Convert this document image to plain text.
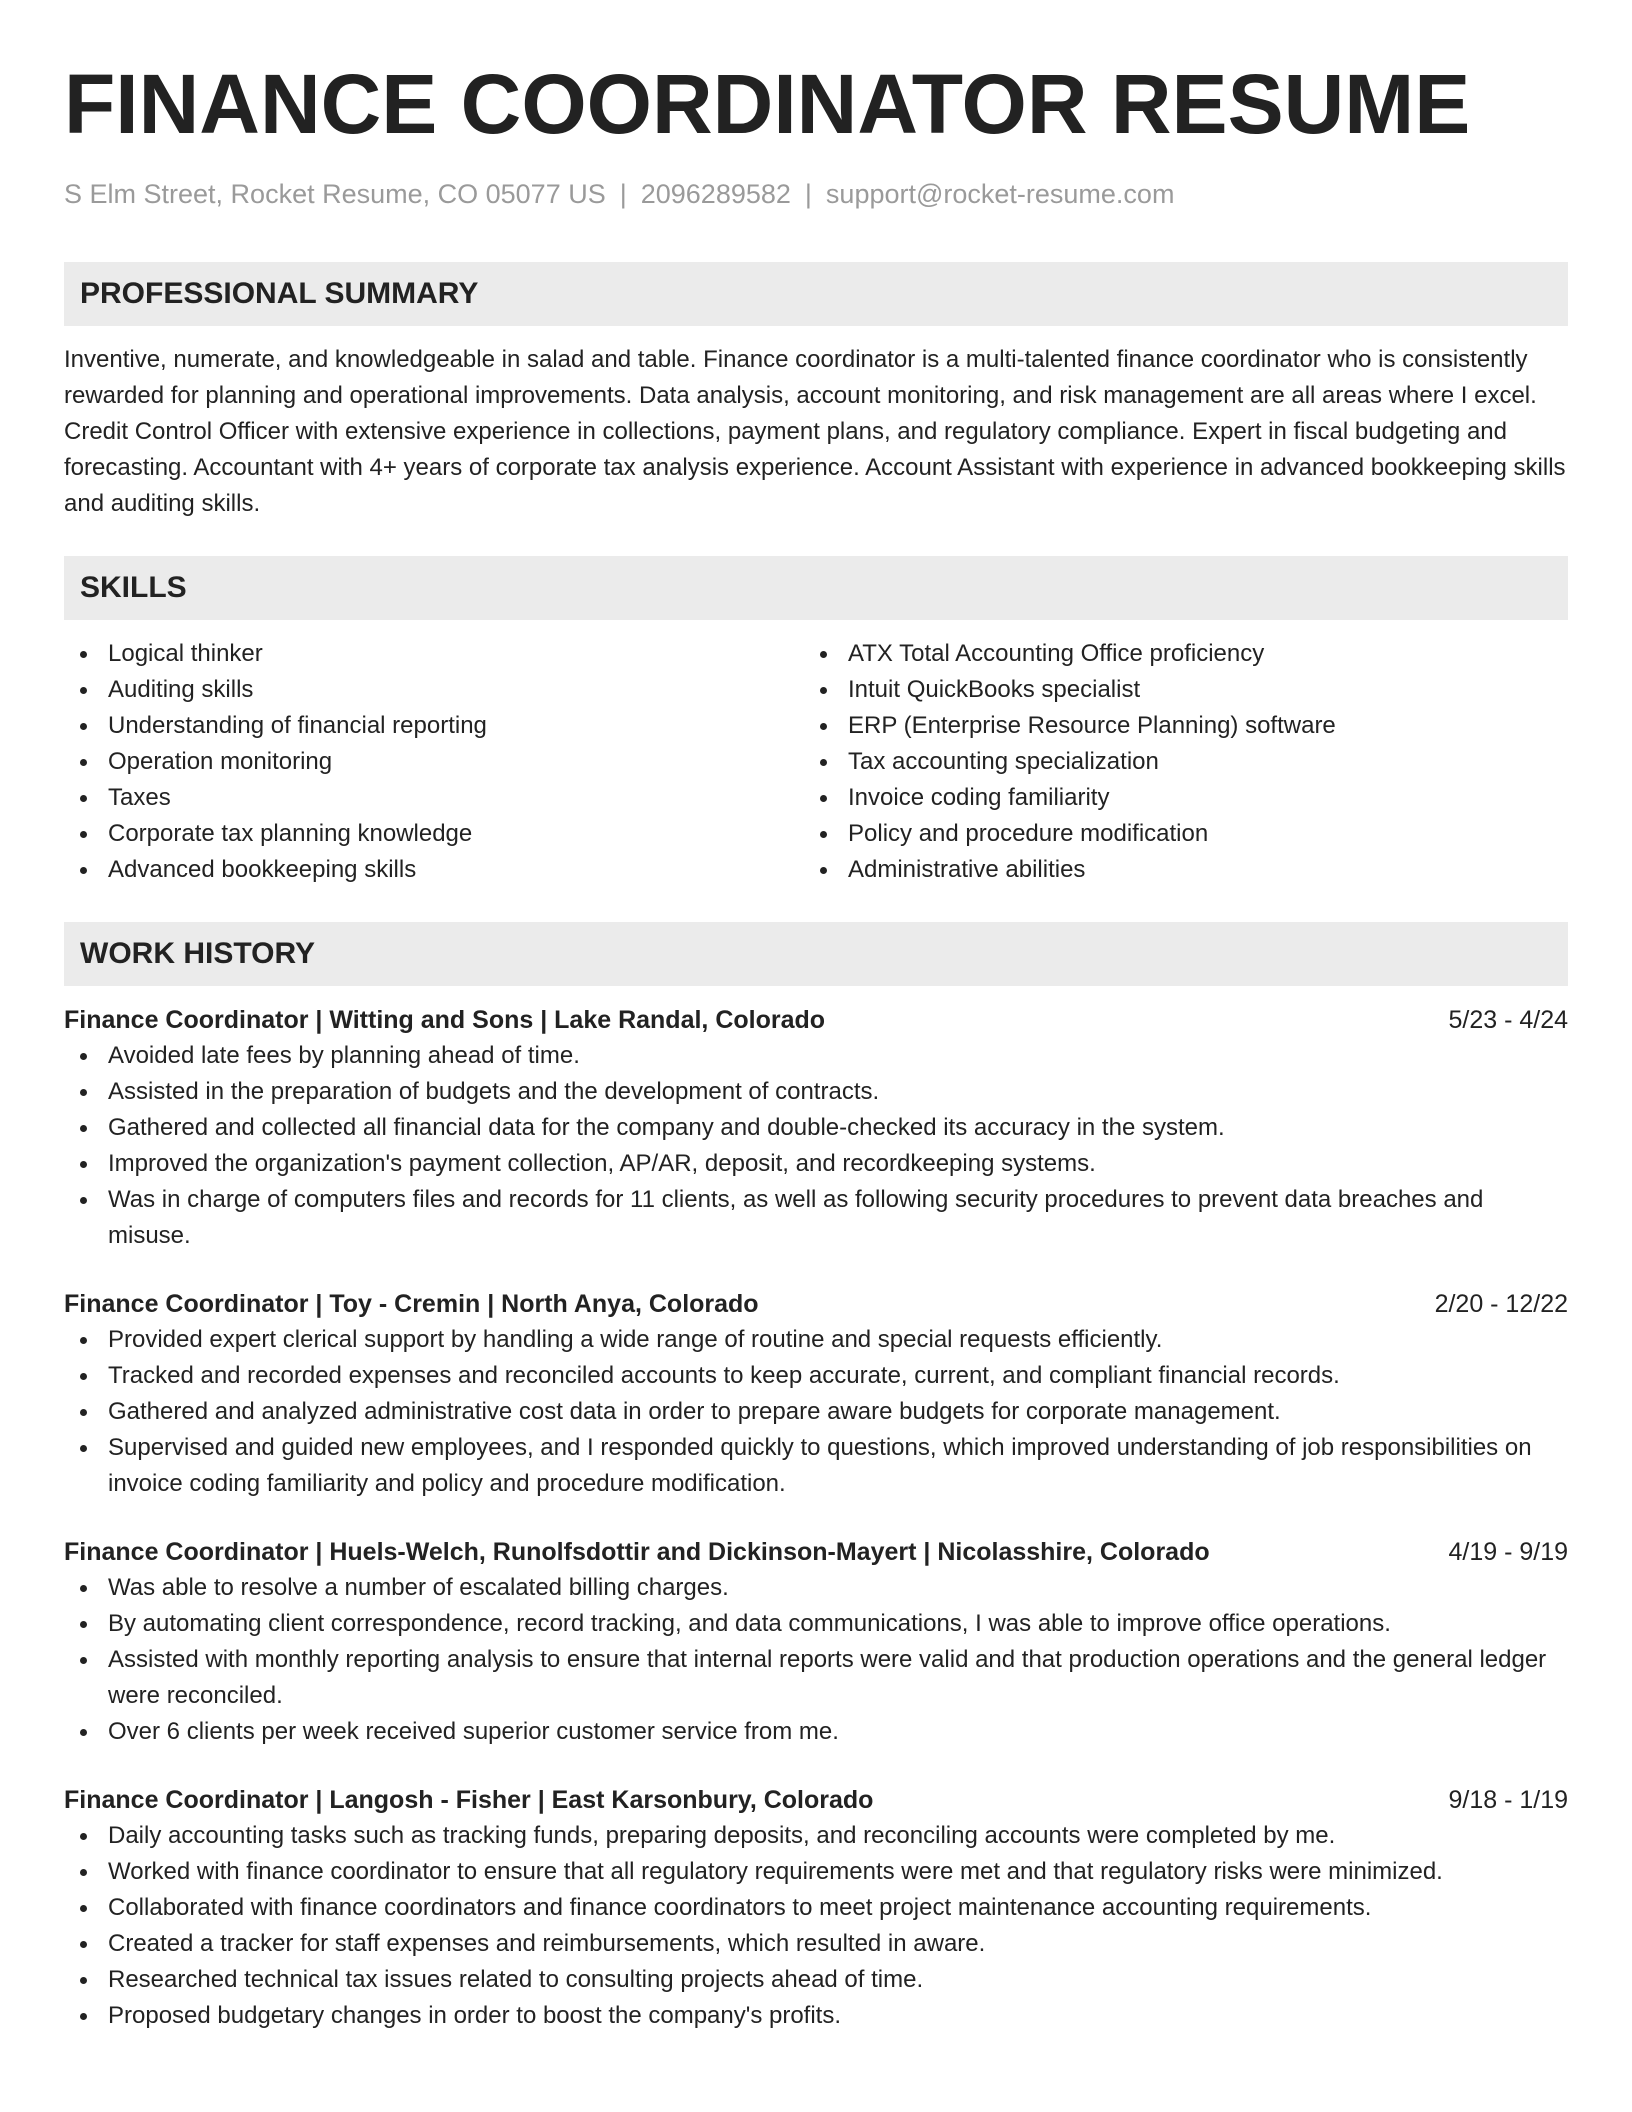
FINANCE COORDINATOR RESUME
S Elm Street, Rocket Resume, CO 05077 US | 2096289582 | support@rocket-resume.com
PROFESSIONAL SUMMARY

Inventive, numerate, and knowledgeable in salad and table. Finance coordinator is a multi-talented finance coordinator who is consistently rewarded for planning and operational improvements. Data analysis, account monitoring, and risk management are all areas where I excel. Credit Control Officer with extensive experience in collections, payment plans, and regulatory compliance. Expert in fiscal budgeting and forecasting. Accountant with 4+ years of corporate tax analysis experience. Account Assistant with experience in advanced bookkeeping skills and auditing skills.

SKILLS
Logical thinker
Auditing skills
Understanding of financial reporting
Operation monitoring
Taxes
Corporate tax planning knowledge
Advanced bookkeeping skills
ATX Total Accounting Office proficiency
Intuit QuickBooks specialist
ERP (Enterprise Resource Planning) software
Tax accounting specialization
Invoice coding familiarity
Policy and procedure modification
Administrative abilities
WORK HISTORY
Finance Coordinator | Witting and Sons | Lake Randal, Colorado	5/23 - 4/24
Avoided late fees by planning ahead of time.
Assisted in the preparation of budgets and the development of contracts.
Gathered and collected all financial data for the company and double-checked its accuracy in the system.
Improved the organization's payment collection, AP/AR, deposit, and recordkeeping systems.
Was in charge of computers files and records for 11 clients, as well as following security procedures to prevent data breaches and misuse.
Finance Coordinator | Toy - Cremin | North Anya, Colorado	2/20 - 12/22
Provided expert clerical support by handling a wide range of routine and special requests efficiently.
Tracked and recorded expenses and reconciled accounts to keep accurate, current, and compliant financial records.
Gathered and analyzed administrative cost data in order to prepare aware budgets for corporate management.
Supervised and guided new employees, and I responded quickly to questions, which improved understanding of job responsibilities on invoice coding familiarity and policy and procedure modification.
Finance Coordinator | Huels-Welch, Runolfsdottir and Dickinson-Mayert | Nicolasshire, Colorado	4/19 - 9/19
Was able to resolve a number of escalated billing charges.
By automating client correspondence, record tracking, and data communications, I was able to improve office operations.
Assisted with monthly reporting analysis to ensure that internal reports were valid and that production operations and the general ledger were reconciled.
Over 6 clients per week received superior customer service from me.
Finance Coordinator | Langosh - Fisher | East Karsonbury, Colorado	9/18 - 1/19
Daily accounting tasks such as tracking funds, preparing deposits, and reconciling accounts were completed by me.
Worked with finance coordinator to ensure that all regulatory requirements were met and that regulatory risks were minimized.
Collaborated with finance coordinators and finance coordinators to meet project maintenance accounting requirements.
Created a tracker for staff expenses and reimbursements, which resulted in aware.
Researched technical tax issues related to consulting projects ahead of time.
Proposed budgetary changes in order to boost the company's profits.
